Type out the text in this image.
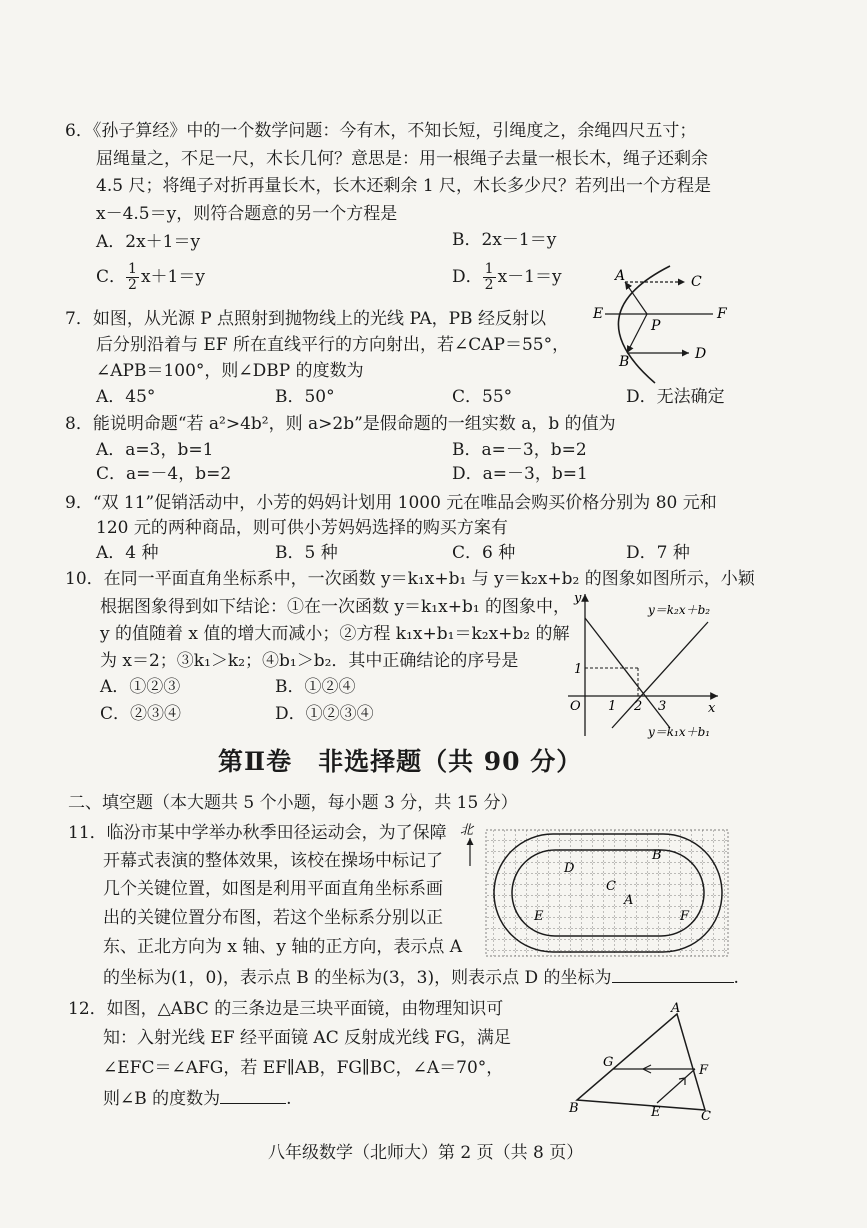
6．《孙子算经》中的一个数学问题：今有木，不知长短，引绳度之，余绳四尺五寸；
屈绳量之，不足一尺，木长几何？意思是：用一根绳子去量一根长木，绳子还剩余
4.5 尺；将绳子对折再量长木，长木还剩余 1 尺，木长多少尺？若列出一个方程是
x－4.5＝y，则符合题意的另一个方程是
A．2x＋1＝y	B．2x－1＝y
C． $\frac{1}{2} x+1=y$	D． $\frac{1}{2} x-1=y$
7．如图，从光源 P 点照射到抛物线上的光线 PA，PB 经反射以
后分别沿着与 EF 所在直线平行的方向射出，若∠CAP＝55°，
∠APB＝100°，则∠DBP 的度数为
A．45°	B．50°	C．55°	D．无法确定
A	C
E
P
F
B	D
8．能说明命题“若 a²>4b²，则 a>2b”是假命题的一组实数 a，b 的值为
A．a=3，b=1	B．a=－3，b=2
C．a=－4，b=2	D．a=－3，b=1
9．“双 11”促销活动中，小芳的妈妈计划用 1000 元在唯品会购买价格分别为 80 元和
120 元的两种商品，则可供小芳妈妈选择的购买方案有
A．4 种	B．5 种	C．6 种	D．7 种
10．在同一平面直角坐标系中，一次函数 y＝k₁x+b₁ 与 y＝k₂x+b₂ 的图象如图所示，小颖
根据图象得到如下结论：①在一次函数 y＝k₁x+b₁ 的图象中，
y 的值随着 x 值的增大而减小；②方程 k₁x+b₁＝k₂x+b₂ 的解
为 x＝2；③k₁＞k₂；④b₁＞b₂．其中正确结论的序号是
A．①②③	B．①②④
C．②③④	D．①②③④
y＝k₂x＋b₂
y＝k₁x＋b₁
y
x
O 1 2 3
1
第Ⅱ卷　非选择题（共 90 分）
二、填空题（本大题共 5 个小题，每小题 3 分，共 15 分）
11．临汾市某中学举办秋季田径运动会，为了保障
开幕式表演的整体效果，该校在操场中标记了
几个关键位置，如图是利用平面直角坐标系画
出的关键位置分布图，若这个坐标系分别以正
东、正北方向为 x 轴、y 轴的正方向，表示点 A
的坐标为(1，0)，表示点 B 的坐标为(3，3)，则表示点 D 的坐标为	.
北
D
B
C
A
E	F
12．如图，△ABC 的三条边是三块平面镜，由物理知识可
知：入射光线 EF 经平面镜 AC 反射成光线 FG，满足
∠EFC＝∠AFG，若 EF∥AB，FG∥BC，∠A＝70°，
则∠B 的度数为	.
A
G
F
B	E	C
八年级数学（北师大）第 2 页（共 8 页）
